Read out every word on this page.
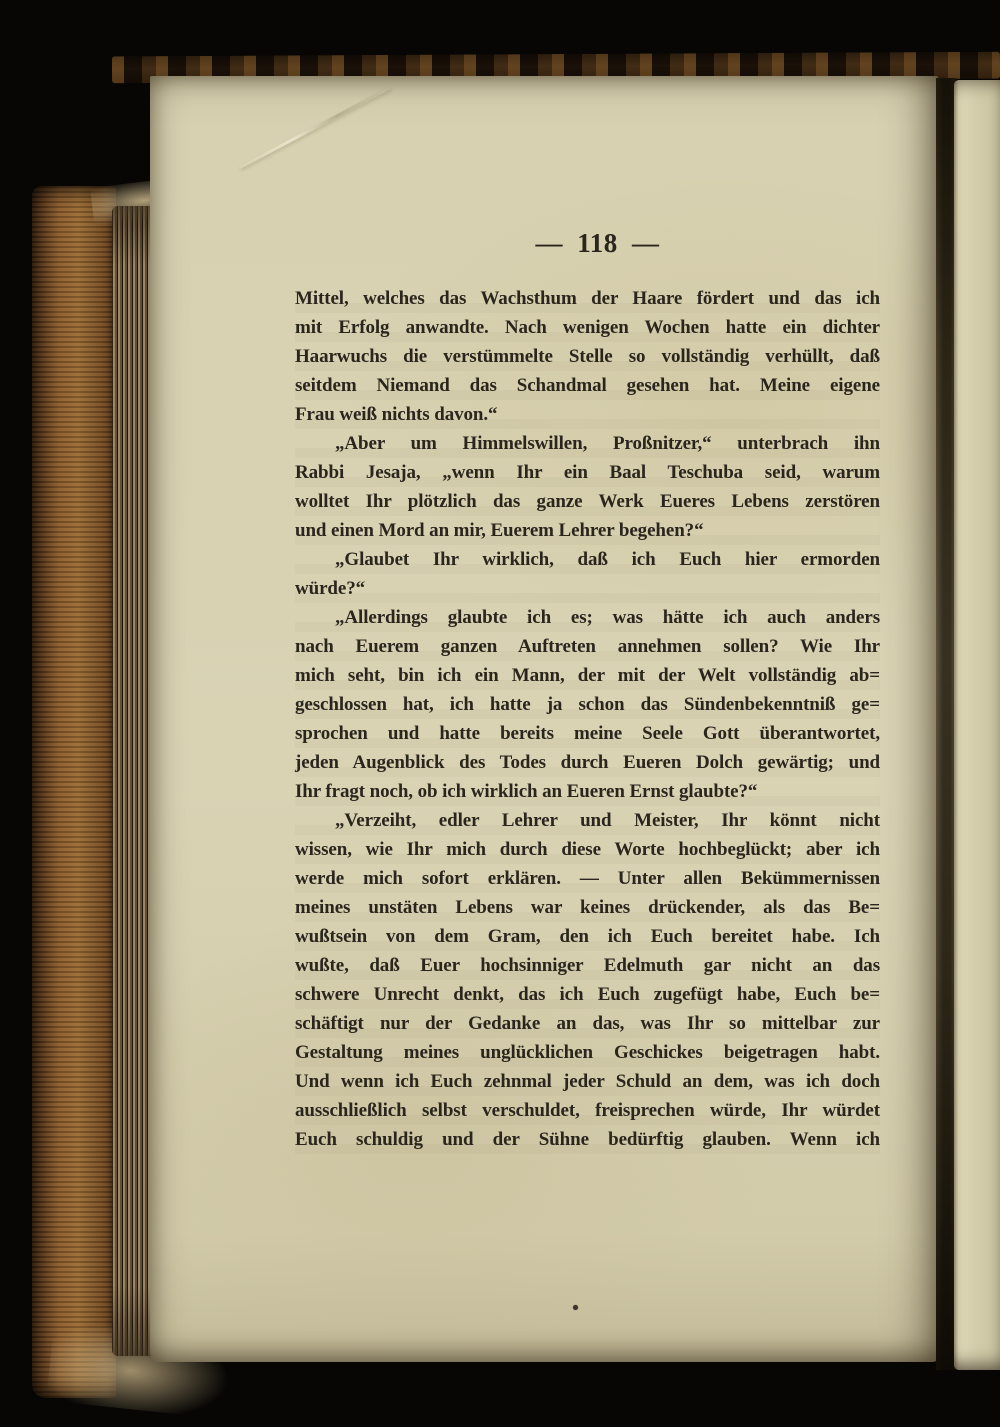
— 118 —
Mittel, welches das Wachsthum der Haare fördert und das ich
mit Erfolg anwandte. Nach wenigen Wochen hatte ein dichter
Haarwuchs die verstümmelte Stelle so vollständig verhüllt, daß
seitdem Niemand das Schandmal gesehen hat. Meine eigene
Frau weiß nichts davon.“
„Aber um Himmelswillen, Proßnitzer,“ unterbrach ihn
Rabbi Jesaja, „wenn Ihr ein Baal Teschuba seid, warum
wolltet Ihr plötzlich das ganze Werk Eueres Lebens zerstören
und einen Mord an mir, Euerem Lehrer begehen?“
„Glaubet Ihr wirklich, daß ich Euch hier ermorden
würde?“
„Allerdings glaubte ich es; was hätte ich auch anders
nach Euerem ganzen Auftreten annehmen sollen? Wie Ihr
mich seht, bin ich ein Mann, der mit der Welt vollständig ab=
geschlossen hat, ich hatte ja schon das Sündenbekenntniß ge=
sprochen und hatte bereits meine Seele Gott überantwortet,
jeden Augenblick des Todes durch Eueren Dolch gewärtig; und
Ihr fragt noch, ob ich wirklich an Eueren Ernst glaubte?“
„Verzeiht, edler Lehrer und Meister, Ihr könnt nicht
wissen, wie Ihr mich durch diese Worte hochbeglückt; aber ich
werde mich sofort erklären. — Unter allen Bekümmernissen
meines unstäten Lebens war keines drückender, als das Be=
wußtsein von dem Gram, den ich Euch bereitet habe. Ich
wußte, daß Euer hochsinniger Edelmuth gar nicht an das
schwere Unrecht denkt, das ich Euch zugefügt habe, Euch be=
schäftigt nur der Gedanke an das, was Ihr so mittelbar zur
Gestaltung meines unglücklichen Geschickes beigetragen habt.
Und wenn ich Euch zehnmal jeder Schuld an dem, was ich doch
ausschließlich selbst verschuldet, freisprechen würde, Ihr würdet
Euch schuldig und der Sühne bedürftig glauben. Wenn ich
